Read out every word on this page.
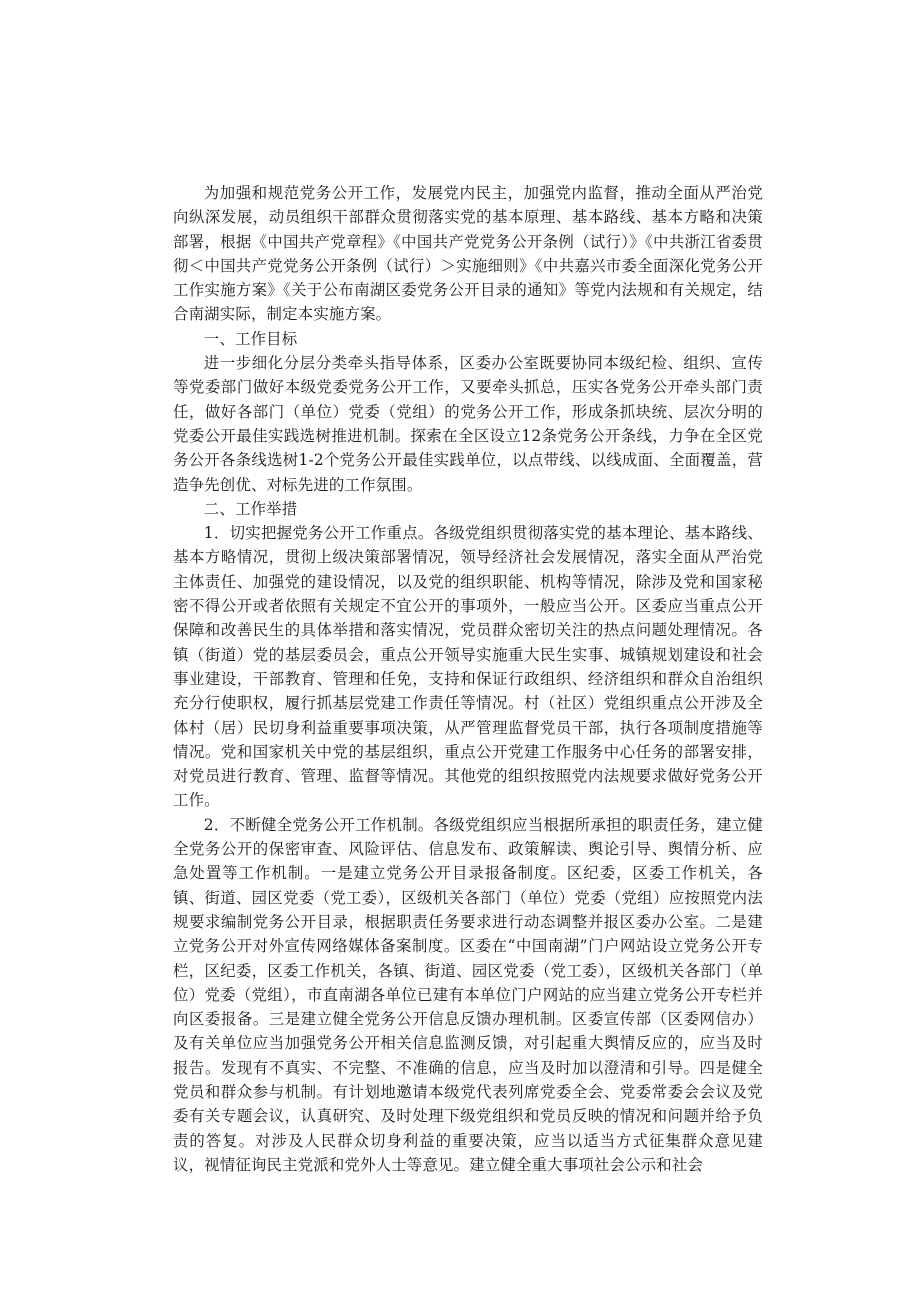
为加强和规范党务公开工作，发展党内民主，加强党内监督，推动全面从严治党向纵深发展，动员组织干部群众贯彻落实党的基本原理、基本路线、基本方略和决策部署，根据《中国共产党章程》《中国共产党党务公开条例（试行）》《中共浙江省委贯彻＜中国共产党党务公开条例（试行）＞实施细则》《中共嘉兴市委全面深化党务公开工作实施方案》《关于公布南湖区委党务公开目录的通知》等党内法规和有关规定，结合南湖实际，制定本实施方案。

一、工作目标

进一步细化分层分类牵头指导体系，区委办公室既要协同本级纪检、组织、宣传等党委部门做好本级党委党务公开工作，又要牵头抓总，压实各党务公开牵头部门责任，做好各部门（单位）党委（党组）的党务公开工作，形成条抓块统、层次分明的党委公开最佳实践选树推进机制。探索在全区设立12条党务公开条线，力争在全区党务公开各条线选树1-2个党务公开最佳实践单位，以点带线、以线成面、全面覆盖，营造争先创优、对标先进的工作氛围。

二、工作举措

1．切实把握党务公开工作重点。各级党组织贯彻落实党的基本理论、基本路线、基本方略情况，贯彻上级决策部署情况，领导经济社会发展情况，落实全面从严治党主体责任、加强党的建设情况，以及党的组织职能、机构等情况，除涉及党和国家秘密不得公开或者依照有关规定不宜公开的事项外，一般应当公开。区委应当重点公开保障和改善民生的具体举措和落实情况，党员群众密切关注的热点问题处理情况。各镇（街道）党的基层委员会，重点公开领导实施重大民生实事、城镇规划建设和社会事业建设，干部教育、管理和任免，支持和保证行政组织、经济组织和群众自治组织充分行使职权，履行抓基层党建工作责任等情况。村（社区）党组织重点公开涉及全体村（居）民切身利益重要事项决策，从严管理监督党员干部，执行各项制度措施等情况。党和国家机关中党的基层组织，重点公开党建工作服务中心任务的部署安排，对党员进行教育、管理、监督等情况。其他党的组织按照党内法规要求做好党务公开工作。

2．不断健全党务公开工作机制。各级党组织应当根据所承担的职责任务，建立健全党务公开的保密审查、风险评估、信息发布、政策解读、舆论引导、舆情分析、应急处置等工作机制。一是建立党务公开目录报备制度。区纪委，区委工作机关，各镇、街道、园区党委（党工委），区级机关各部门（单位）党委（党组）应按照党内法规要求编制党务公开目录，根据职责任务要求进行动态调整并报区委办公室。二是建立党务公开对外宣传网络媒体备案制度。区委在“中国南湖”门户网站设立党务公开专栏，区纪委，区委工作机关，各镇、街道、园区党委（党工委），区级机关各部门（单位）党委（党组），市直南湖各单位已建有本单位门户网站的应当建立党务公开专栏并向区委报备。三是建立健全党务公开信息反馈办理机制。区委宣传部（区委网信办）及有关单位应当加强党务公开相关信息监测反馈，对引起重大舆情反应的，应当及时报告。发现有不真实、不完整、不准确的信息，应当及时加以澄清和引导。四是健全党员和群众参与机制。有计划地邀请本级党代表列席党委全会、党委常委会会议及党委有关专题会议，认真研究、及时处理下级党组织和党员反映的情况和问题并给予负责的答复。对涉及人民群众切身利益的重要决策，应当以适当方式征集群众意见建议，视情征询民主党派和党外人士等意见。建立健全重大事项社会公示和社会
